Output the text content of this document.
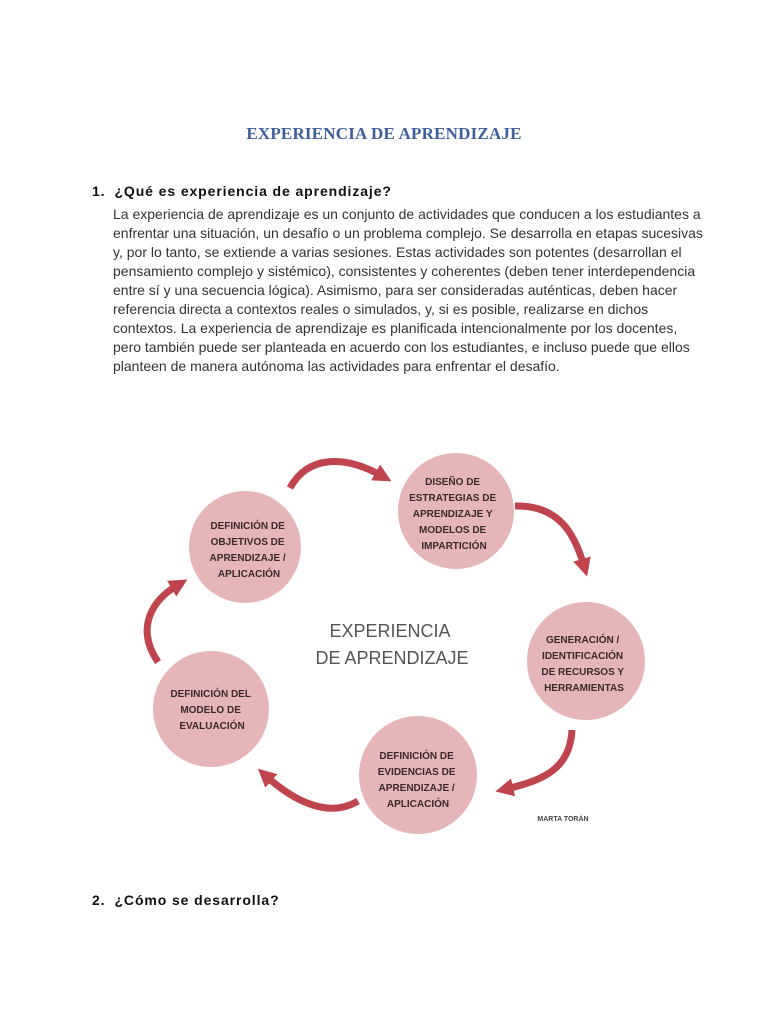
EXPERIENCIA DE APRENDIZAJE
1. ¿Qué es experiencia de aprendizaje?
La experiencia de aprendizaje es un conjunto de actividades que conducen a los estudiantes a
enfrentar una situación, un desafío o un problema complejo. Se desarrolla en etapas sucesivas
y, por lo tanto, se extiende a varias sesiones. Estas actividades son potentes (desarrollan el
pensamiento complejo y sistémico), consistentes y coherentes (deben tener interdependencia
entre sí y una secuencia lógica). Asimismo, para ser consideradas auténticas, deben hacer
referencia directa a contextos reales o simulados, y, si es posible, realizarse en dichos
contextos. La experiencia de aprendizaje es planificada intencionalmente por los docentes,
pero también puede ser planteada en acuerdo con los estudiantes, e incluso puede que ellos
planteen de manera autónoma las actividades para enfrentar el desafío.
DEFINICIÓN DE OBJETIVOS DE APRENDIZAJE / APLICACIÓN
DISEÑO DE ESTRATEGIAS DE APRENDIZAJE Y MODELOS DE IMPARTICIÓN
GENERACIÓN / IDENTIFICACIÓN DE RECURSOS Y HERRAMIENTAS
DEFINICIÓN DE EVIDENCIAS DE APRENDIZAJE / APLICACIÓN
DEFINICIÓN DEL MODELO DE EVALUACIÓN
EXPERIENCIA DE APRENDIZAJE
MARTA TORÁN
2. ¿Cómo se desarrolla?
